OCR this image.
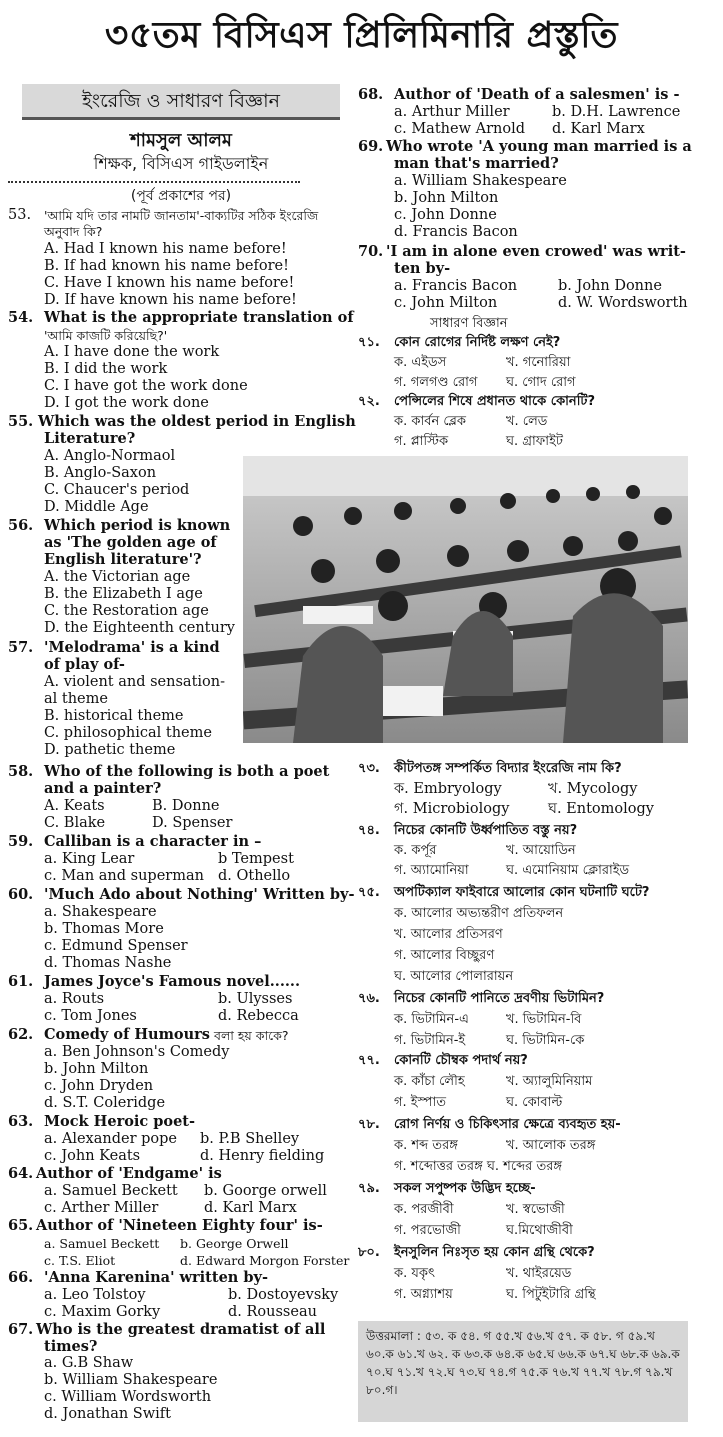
৩৫তম বিসিএস প্রিলিমিনারি প্রস্তুতি
ইংরেজি ও সাধারণ বিজ্ঞান
শামসুল আলম
শিক্ষক, বিসিএস গাইডলাইন
(পূর্ব প্রকাশের পর)
53. 'আমি যদি তার নামটি জানতাম'-বাক্যটির সঠিক ইংরেজি
অনুবাদ কি?
A. Had I known his name before!
B. If had known his name before!
C. Have I known his name before!
D. If have known his name before!
54. What is the appropriate translation of
'আমি কাজটি করিয়েছি?'
A. I have done the work
B. I did the work
C. I have got the work done
D. I got the work done
55. Which was the oldest period in English
Literature?
A. Anglo-Normaol
B. Anglo-Saxon
C. Chaucer's period
D. Middle Age
56. Which period is known
as 'The golden age of
English literature'?
A. the Victorian age
B. the Elizabeth I age
C. the Restoration age
D. the Eighteenth century
57. 'Melodrama' is a kind
of play of-
A. violent and sensation-
al theme
B. historical theme
C. philosophical theme
D. pathetic theme
58. Who of the following is both a poet
and a painter?
A. Keats	B. Donne
C. Blake	D. Spenser
59. Calliban is a character in –
a. King Lear	b Tempest
c. Man and superman d. Othello
60. 'Much Ado about Nothing' Written by-
a. Shakespeare
b. Thomas More
c. Edmund Spenser
d. Thomas Nashe
61. James Joyce's Famous novel......
a. Routs	b. Ulysses
c. Tom Jones	d. Rebecca
62. Comedy of Humours বলা হয় কাকে?
a. Ben Johnson's Comedy
b. John Milton
c. John Dryden
d. S.T. Coleridge
63. Mock Heroic poet-
a. Alexander pope b. P.B Shelley
c. John Keats	d. Henry fielding
64. Author of 'Endgame' is
a. Samuel Beckett b. Goorge orwell
c. Arther Miller	d. Karl Marx
65. Author of 'Nineteen Eighty four' is-
a. Samuel Beckett b. George Orwell
c. T.S. Eliot	d. Edward Morgon Forster
66. 'Anna Karenina' written by-
a. Leo Tolstoy	b. Dostoyevsky
c. Maxim Gorky	d. Rousseau
67. Who is the greatest dramatist of all
times?
a. G.B Shaw
b. William Shakespeare
c. William Wordsworth
d. Jonathan Swift
68. Author of 'Death of a salesmen' is -
a. Arthur Miller	b. D.H. Lawrence
c. Mathew Arnold d. Karl Marx
69. Who wrote 'A young man married is a
man that's married?
a. William Shakespeare
b. John Milton
c. John Donne
d. Francis Bacon
70. 'I am in alone even crowed' was writ-
ten by-
a. Francis Bacon	b. John Donne
c. John Milton	d. W. Wordsworth
সাধারণ বিজ্ঞান
৭১. কোন রোগের নির্দিষ্ট লক্ষণ নেই?
ক. এইডস	খ. গনোরিয়া
গ. গলগণ্ড রোগ ঘ. গোদ রোগ
৭২. পেন্সিলের শিষে প্রধানত থাকে কোনটি?
ক. কার্বন ব্লেক	খ. লেড
গ. প্লাস্টিক	ঘ. গ্রাফাইট
৭৩. কীটপতঙ্গ সম্পর্কিত বিদ্যার ইংরেজি নাম কি?
ক. Embryology	খ. Mycology
গ. Microbiology	ঘ. Entomology
৭৪. নিচের কোনটি উর্ধ্বপাতিত বস্তু নয়?
ক. কর্পূর	খ. আয়োডিন
গ. অ্যামোনিয়া	ঘ. এমোনিয়াম ক্লোরাইড
৭৫. অপটিক্যাল ফাইবারে আলোর কোন ঘটনাটি ঘটে?
ক. আলোর অভ্যন্তরীণ প্রতিফলন
খ. আলোর প্রতিসরণ
গ. আলোর বিচ্ছুরণ
ঘ. আলোর পোলারায়ন
৭৬. নিচের কোনটি পানিতে দ্রবণীয় ভিটামিন?
ক. ভিটামিন-এ	খ. ভিটামিন-বি
গ. ভিটামিন-ই	ঘ. ভিটামিন-কে
৭৭. কোনটি চৌম্বক পদার্থ নয়?
ক. কাঁচা লৌহ	খ. অ্যালুমিনিয়াম
গ. ইস্পাত	ঘ. কোবাল্ট
৭৮. রোগ নির্ণয় ও চিকিৎসার ক্ষেত্রে ব্যবহৃত হয়-
ক. শব্দ তরঙ্গ	খ. আলোক তরঙ্গ
গ. শব্দোত্তর তরঙ্গ ঘ. শব্দের তরঙ্গ
৭৯. সকল সপুষ্পক উদ্ভিদ হচ্ছে-
ক. পরজীবী	খ. স্বভোজী
গ. পরভোজী	ঘ.মিথোজীবী
৮০. ইনসুলিন নিঃসৃত হয় কোন গ্রন্থি থেকে?
ক. যকৃৎ	খ. থাইরয়েড
গ. অগ্ন্যাশয়	ঘ. পিটুইটারি গ্রন্থি
উত্তরমালা : ৫৩. ক ৫৪. গ ৫৫.খ ৫৬.খ ৫৭. ক ৫৮. গ ৫৯.খ ৬০.ক ৬১.খ ৬২. ক ৬৩.ক ৬৪.ক ৬৫.ঘ ৬৬.ক ৬৭.ঘ ৬৮.ক ৬৯.ক ৭০.ঘ ৭১.খ ৭২.ঘ ৭৩.ঘ ৭৪.গ ৭৫.ক ৭৬.খ ৭৭.খ ৭৮.গ ৭৯.খ ৮০.গ।
